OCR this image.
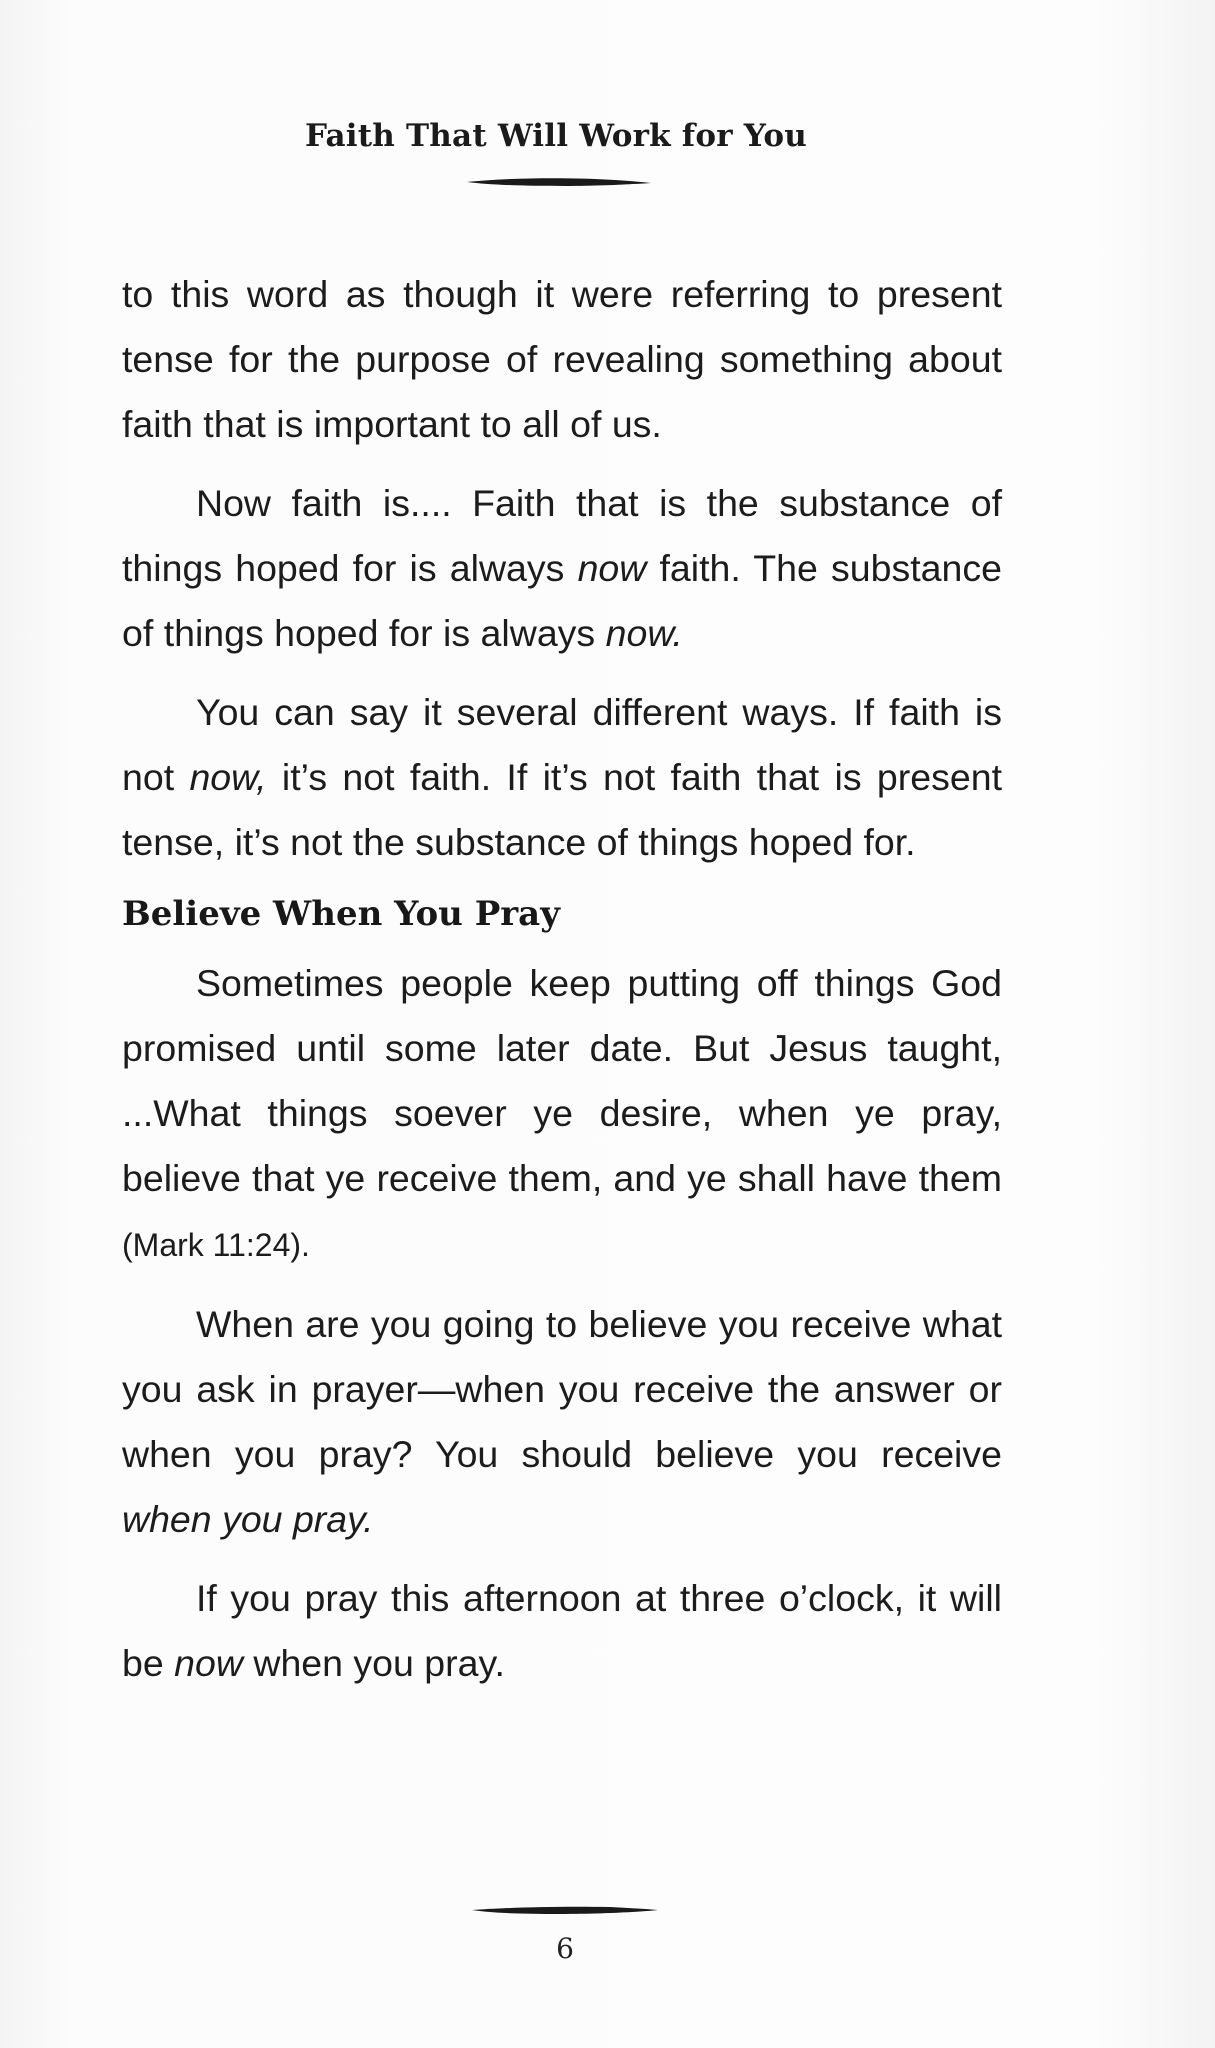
Faith That Will Work for You

to this word as though it were referring to present tense for the purpose of revealing something about faith that is important to all of us.

Now faith is.... Faith that is the substance of things hoped for is always now faith. The substance of things hoped for is always now.

You can say it several different ways. If faith is not now, it’s not faith. If it’s not faith that is present tense, it’s not the substance of things hoped for.

Believe When You Pray

Sometimes people keep putting off things God promised until some later date. But Jesus taught, ...What things soever ye desire, when ye pray, believe that ye receive them, and ye shall have them (Mark 11:24).

When are you going to believe you receive what you ask in prayer—when you receive the answer or when you pray? You should believe you receive when you pray.

If you pray this afternoon at three o’clock, it will be now when you pray.

6
